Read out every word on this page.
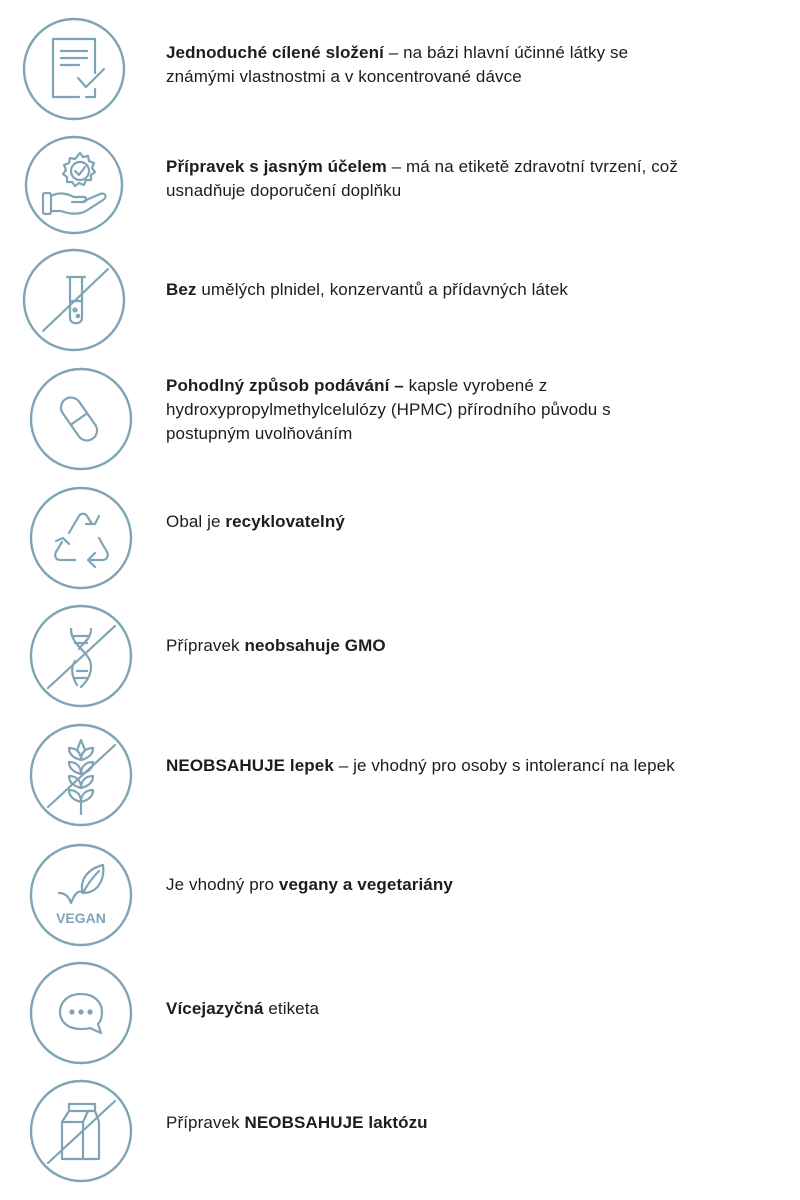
Jednoduché cílené složení – na bázi hlavní účinné látky se známými vlastnostmi a v koncentrované dávce
Přípravek s jasným účelem – má na etiketě zdravotní tvrzení, což usnadňuje doporučení doplňku
Bez umělých plnidel, konzervantů a přídavných látek
Pohodlný způsob podávání – kapsle vyrobené z hydroxypropylmethylcelulózy (HPMC) přírodního původu s postupným uvolňováním
Obal je recyklovatelný
Přípravek neobsahuje GMO
NEOBSAHUJE lepek – je vhodný pro osoby s intolerancí na lepek
VEGAN
Je vhodný pro vegany a vegetariány
Vícejazyčná etiketa
Přípravek NEOBSAHUJE laktózu
